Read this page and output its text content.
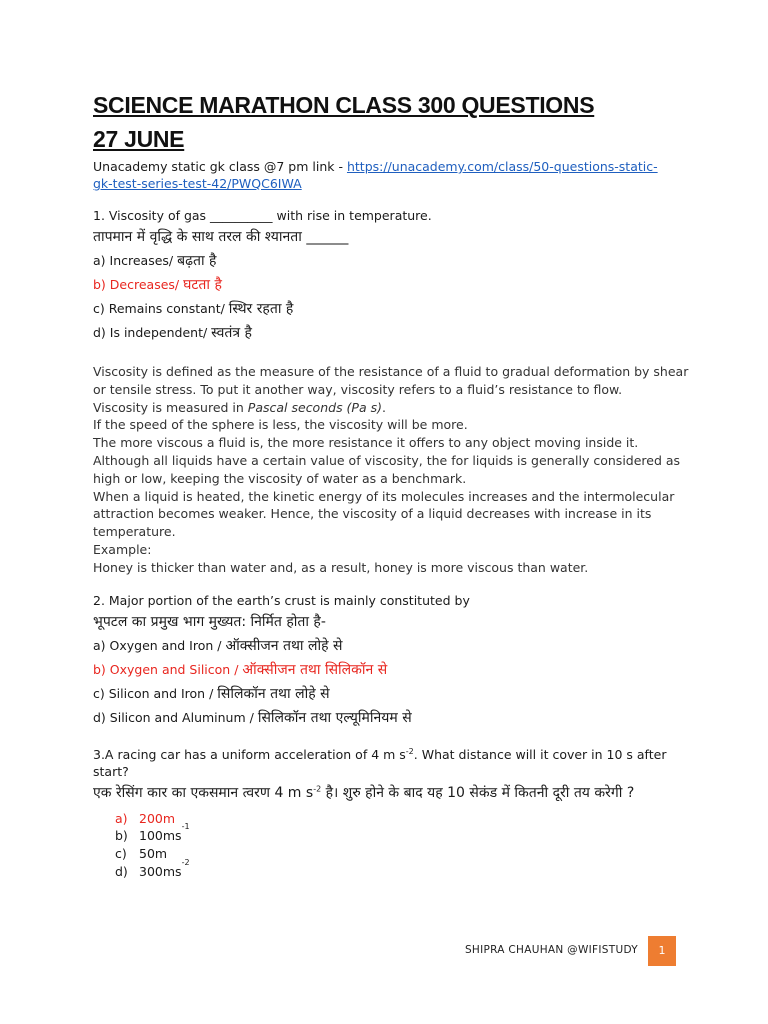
SCIENCE MARATHON CLASS 300 QUESTIONS
27 JUNE
Unacademy static gk class @7 pm link - https://unacademy.com/class/50-questions-static-
gk-test-series-test-42/PWQC6IWA
1. Viscosity of gas __________ with rise in temperature.
तापमान में वृद्धि के साथ तरल की श्यानता ______
a) Increases/ बढ़ता है
b) Decreases/ घटता है
c) Remains constant/ स्थिर रहता है
d) Is independent/ स्वतंत्र है

Viscosity is defined as the measure of the resistance of a fluid to gradual deformation by shear or tensile stress. To put it another way, viscosity refers to a fluid’s resistance to flow.

Viscosity is measured in Pascal seconds (Pa s).

If the speed of the sphere is less, the viscosity will be more.

The more viscous a fluid is, the more resistance it offers to any object moving inside it.

Although all liquids have a certain value of viscosity, the for liquids is generally considered as high or low, keeping the viscosity of water as a benchmark.

When a liquid is heated, the kinetic energy of its molecules increases and the intermolecular attraction becomes weaker. Hence, the viscosity of a liquid decreases with increase in its temperature.

Example:

Honey is thicker than water and, as a result, honey is more viscous than water.

2. Major portion of the earth’s crust is mainly constituted by
भूपटल का प्रमुख भाग मुख्यत: निर्मित होता है-
a) Oxygen and Iron / ऑक्सीजन तथा लोहे से
b) Oxygen and Silicon / ऑक्सीजन तथा सिलिकॉन से
c) Silicon and Iron / सिलिकॉन तथा लोहे से
d) Silicon and Aluminum / सिलिकॉन तथा एल्यूमिनियम से
3.A racing car has a uniform acceleration of 4 m $s^{-2}$. What distance will it cover in 10 s after start?
एक रेसिंग कार का एकसमान त्वरण 4 m $s^{-2}$ है। शुरु होने के बाद यह 10 सेकंड में कितनी दूरी तय करेगी ?
a) 200m
b) 100ms
-1
c) 50m
d) 300ms
-2
SHIPRA CHAUHAN @WIFISTUDY	1
